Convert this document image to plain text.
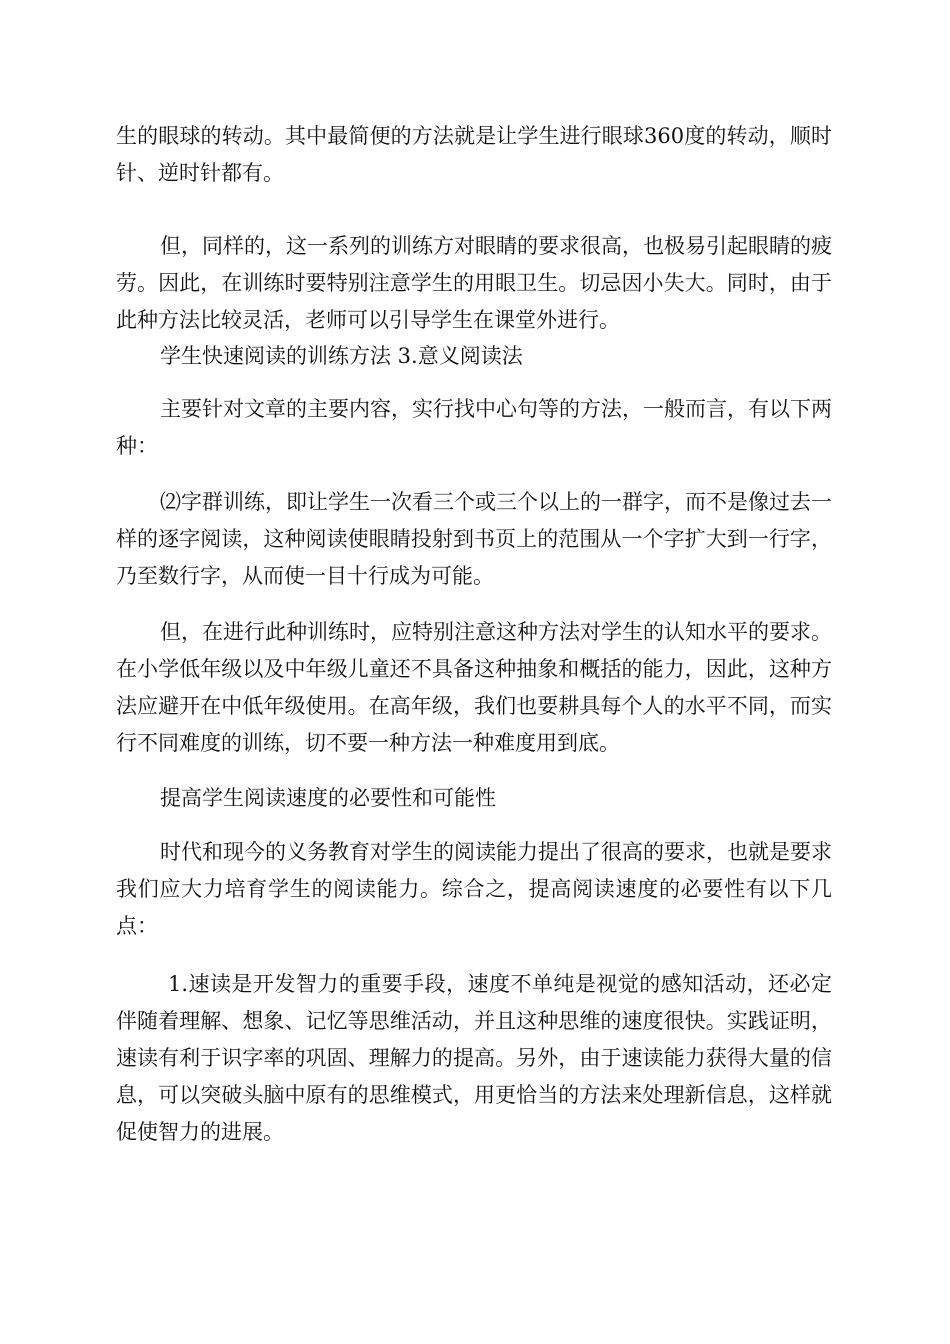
生的眼球的转动。其中最简便的方法就是让学生进行眼球360度的转动，顺时针、逆时针都有。

但，同样的，这一系列的训练方对眼睛的要求很高，也极易引起眼睛的疲劳。因此，在训练时要特别注意学生的用眼卫生。切忌因小失大。同时，由于此种方法比较灵活，老师可以引导学生在课堂外进行。

学生快速阅读的训练方法 3.意义阅读法

主要针对文章的主要内容，实行找中心句等的方法，一般而言，有以下两种：

⑵字群训练，即让学生一次看三个或三个以上的一群字，而不是像过去一样的逐字阅读，这种阅读使眼睛投射到书页上的范围从一个字扩大到一行字，乃至数行字，从而使一目十行成为可能。

但，在进行此种训练时，应特别注意这种方法对学生的认知水平的要求。在小学低年级以及中年级儿童还不具备这种抽象和概括的能力，因此，这种方法应避开在中低年级使用。在高年级，我们也要耕具每个人的水平不同，而实行不同难度的训练，切不要一种方法一种难度用到底。

提高学生阅读速度的必要性和可能性

时代和现今的义务教育对学生的阅读能力提出了很高的要求，也就是要求我们应大力培育学生的阅读能力。综合之，提高阅读速度的必要性有以下几点：

1.速读是开发智力的重要手段，速度不单纯是视觉的感知活动，还必定伴随着理解、想象、记忆等思维活动，并且这种思维的速度很快。实践证明，速读有利于识字率的巩固、理解力的提高。另外，由于速读能力获得大量的信息，可以突破头脑中原有的思维模式，用更恰当的方法来处理新信息，这样就促使智力的进展。
